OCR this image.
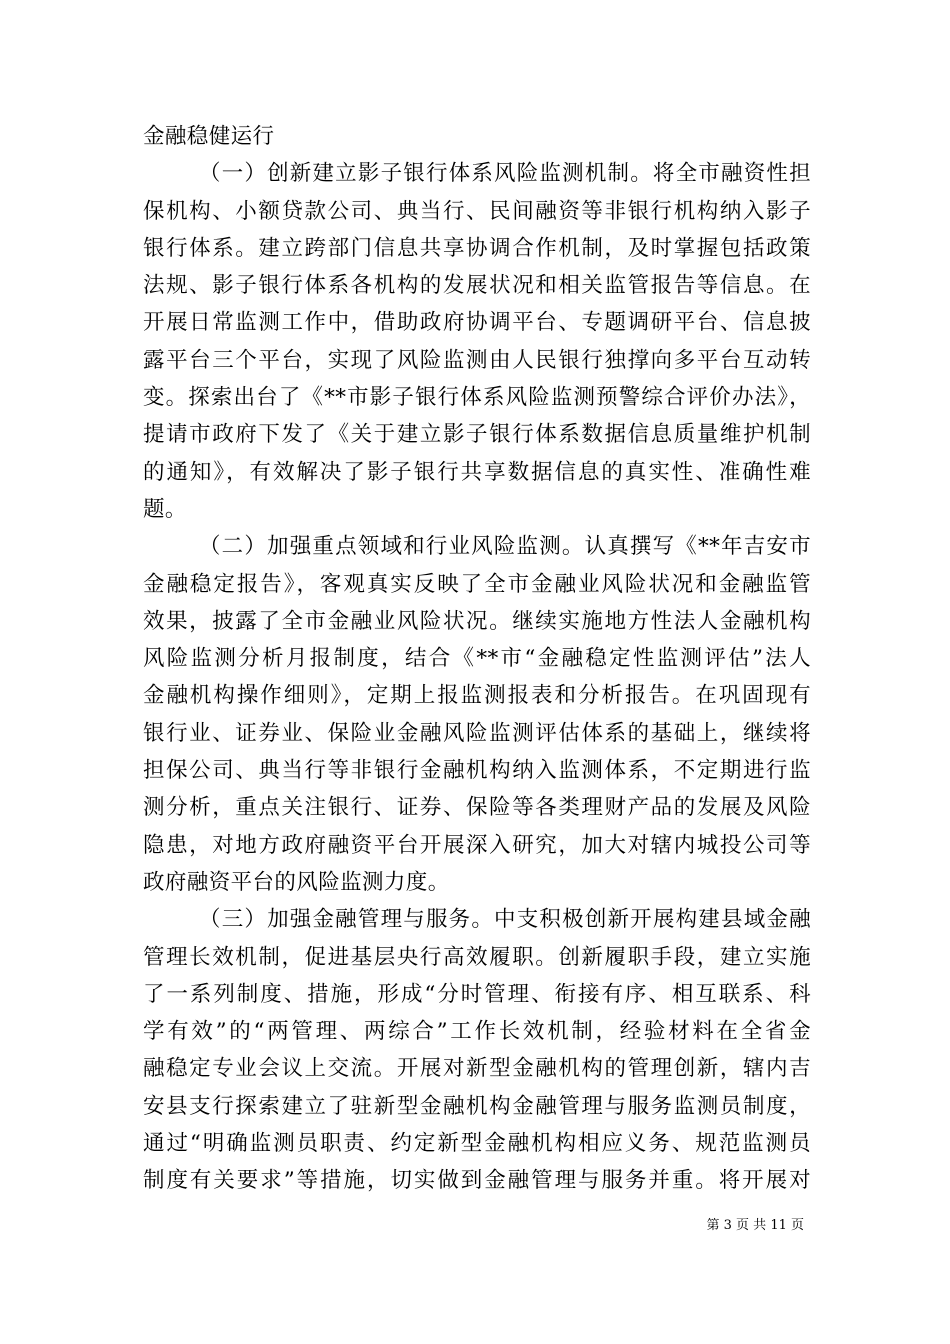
金融稳健运行
（一）创新建立影子银行体系风险监测机制。将全市融资性担
保机构、小额贷款公司、典当行、民间融资等非银行机构纳入影子
银行体系。建立跨部门信息共享协调合作机制，及时掌握包括政策
法规、影子银行体系各机构的发展状况和相关监管报告等信息。在
开展日常监测工作中，借助政府协调平台、专题调研平台、信息披
露平台三个平台，实现了风险监测由人民银行独撑向多平台互动转
变。探索出台了《**市影子银行体系风险监测预警综合评价办法》，
提请市政府下发了《关于建立影子银行体系数据信息质量维护机制
的通知》，有效解决了影子银行共享数据信息的真实性、准确性难
题。
（二）加强重点领域和行业风险监测。认真撰写《**年吉安市
金融稳定报告》，客观真实反映了全市金融业风险状况和金融监管
效果，披露了全市金融业风险状况。继续实施地方性法人金融机构
风险监测分析月报制度，结合《**市“金融稳定性监测评估”法人
金融机构操作细则》，定期上报监测报表和分析报告。在巩固现有
银行业、证券业、保险业金融风险监测评估体系的基础上，继续将
担保公司、典当行等非银行金融机构纳入监测体系，不定期进行监
测分析，重点关注银行、证券、保险等各类理财产品的发展及风险
隐患，对地方政府融资平台开展深入研究，加大对辖内城投公司等
政府融资平台的风险监测力度。
（三）加强金融管理与服务。中支积极创新开展构建县域金融
管理长效机制，促进基层央行高效履职。创新履职手段，建立实施
了一系列制度、措施，形成“分时管理、衔接有序、相互联系、科
学有效”的“两管理、两综合”工作长效机制，经验材料在全省金
融稳定专业会议上交流。开展对新型金融机构的管理创新，辖内吉
安县支行探索建立了驻新型金融机构金融管理与服务监测员制度，
通过“明确监测员职责、约定新型金融机构相应义务、规范监测员
制度有关要求”等措施，切实做到金融管理与服务并重。将开展对
第 3 页 共 11 页
